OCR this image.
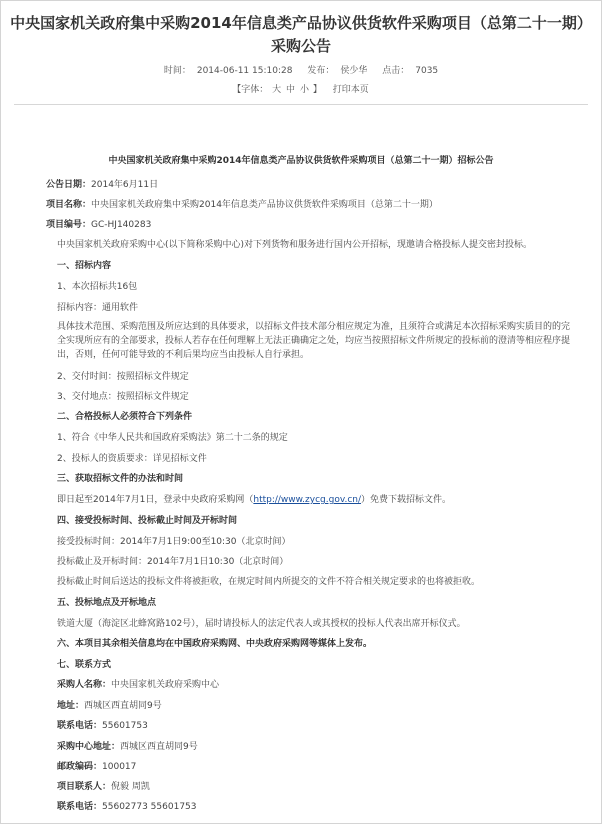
中央国家机关政府集中采购2014年信息类产品协议供货软件采购项目（总第二十一期）
采购公告
时间： 2014-06-11 15:10:28 发布： 侯少华 点击： 7035
【字体： 大 中 小 】 打印本页
中央国家机关政府集中采购2014年信息类产品协议供货软件采购项目（总第二十一期）招标公告
公告日期：2014年6月11日
项目名称：中央国家机关政府集中采购2014年信息类产品协议供货软件采购项目（总第二十一期）
项目编号：GC-HJ140283
中央国家机关政府采购中心(以下简称采购中心)对下列货物和服务进行国内公开招标，现邀请合格投标人提交密封投标。
一、招标内容
1、本次招标共16包
招标内容：通用软件
具体技术范围、采购范围及所应达到的具体要求，以招标文件技术部分相应规定为准，且须符合或满足本次招标采购实质目的的完全实现所应有的全部要求，投标人若存在任何理解上无法正确确定之处，均应当按照招标文件所规定的投标前的澄清等相应程序提出，否则，任何可能导致的不利后果均应当由投标人自行承担。
2、交付时间：按照招标文件规定
3、交付地点：按照招标文件规定
二、合格投标人必须符合下列条件
1、符合《中华人民共和国政府采购法》第二十二条的规定
2、投标人的资质要求：详见招标文件
三、获取招标文件的办法和时间
即日起至2014年7月1日，登录中央政府采购网（http://www.zycg.gov.cn/）免费下载招标文件。
四、接受投标时间、投标截止时间及开标时间
接受投标时间：2014年7月1日9:00至10:30（北京时间）
投标截止及开标时间：2014年7月1日10:30（北京时间）
投标截止时间后送达的投标文件将被拒收，在规定时间内所提交的文件不符合相关规定要求的也将被拒收。
五、投标地点及开标地点
铁道大厦（海淀区北蜂窝路102号），届时请投标人的法定代表人或其授权的投标人代表出席开标仪式。
六、本项目其余相关信息均在中国政府采购网、中央政府采购网等媒体上发布。
七、联系方式
采购人名称：中央国家机关政府采购中心
地址：西城区西直胡同9号
联系电话：55601753
采购中心地址：西城区西直胡同9号
邮政编码：100017
项目联系人：倪毅 周凯
联系电话：55602773 55601753
